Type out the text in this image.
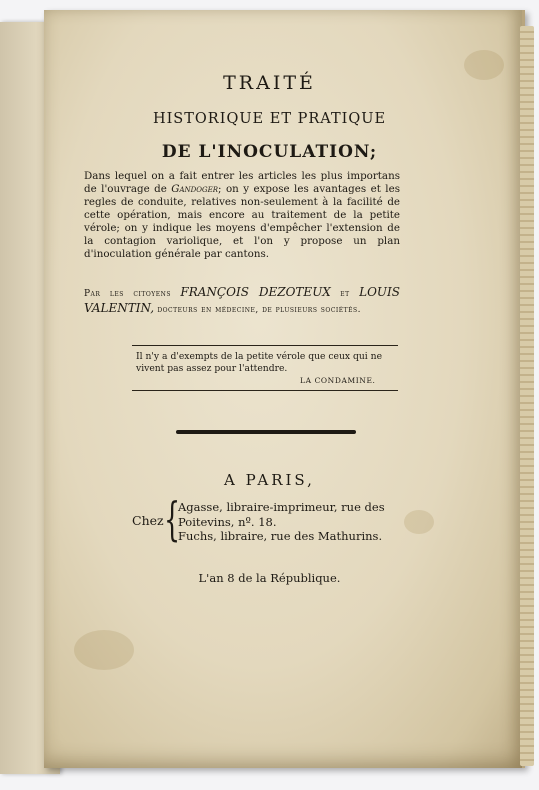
TRAITÉ
HISTORIQUE ET PRATIQUE
DE L'INOCULATION;
Dans lequel on a fait entrer les articles les plus importans de l'ouvrage de Gandoger; on y expose les avantages et les regles de conduite, relatives non-seulement à la facilité de cette opération, mais encore au traitement de la petite vérole; on y indique les moyens d'empêcher l'extension de la contagion variolique, et l'on y propose un plan d'inoculation générale par cantons.
Par les citoyens FRANÇOIS DEZOTEUX et LOUIS VALENTIN, docteurs en médecine, de plusieurs sociétés.
Il n'y a d'exempts de la petite vérole que ceux qui ne vivent pas assez pour l'attendre.
LA CONDAMINE.
A PARIS,
Chez {
Agasse, libraire-imprimeur, rue des Poitevins, nº. 18.
Fuchs, libraire, rue des Mathurins.
L'an 8 de la République.
